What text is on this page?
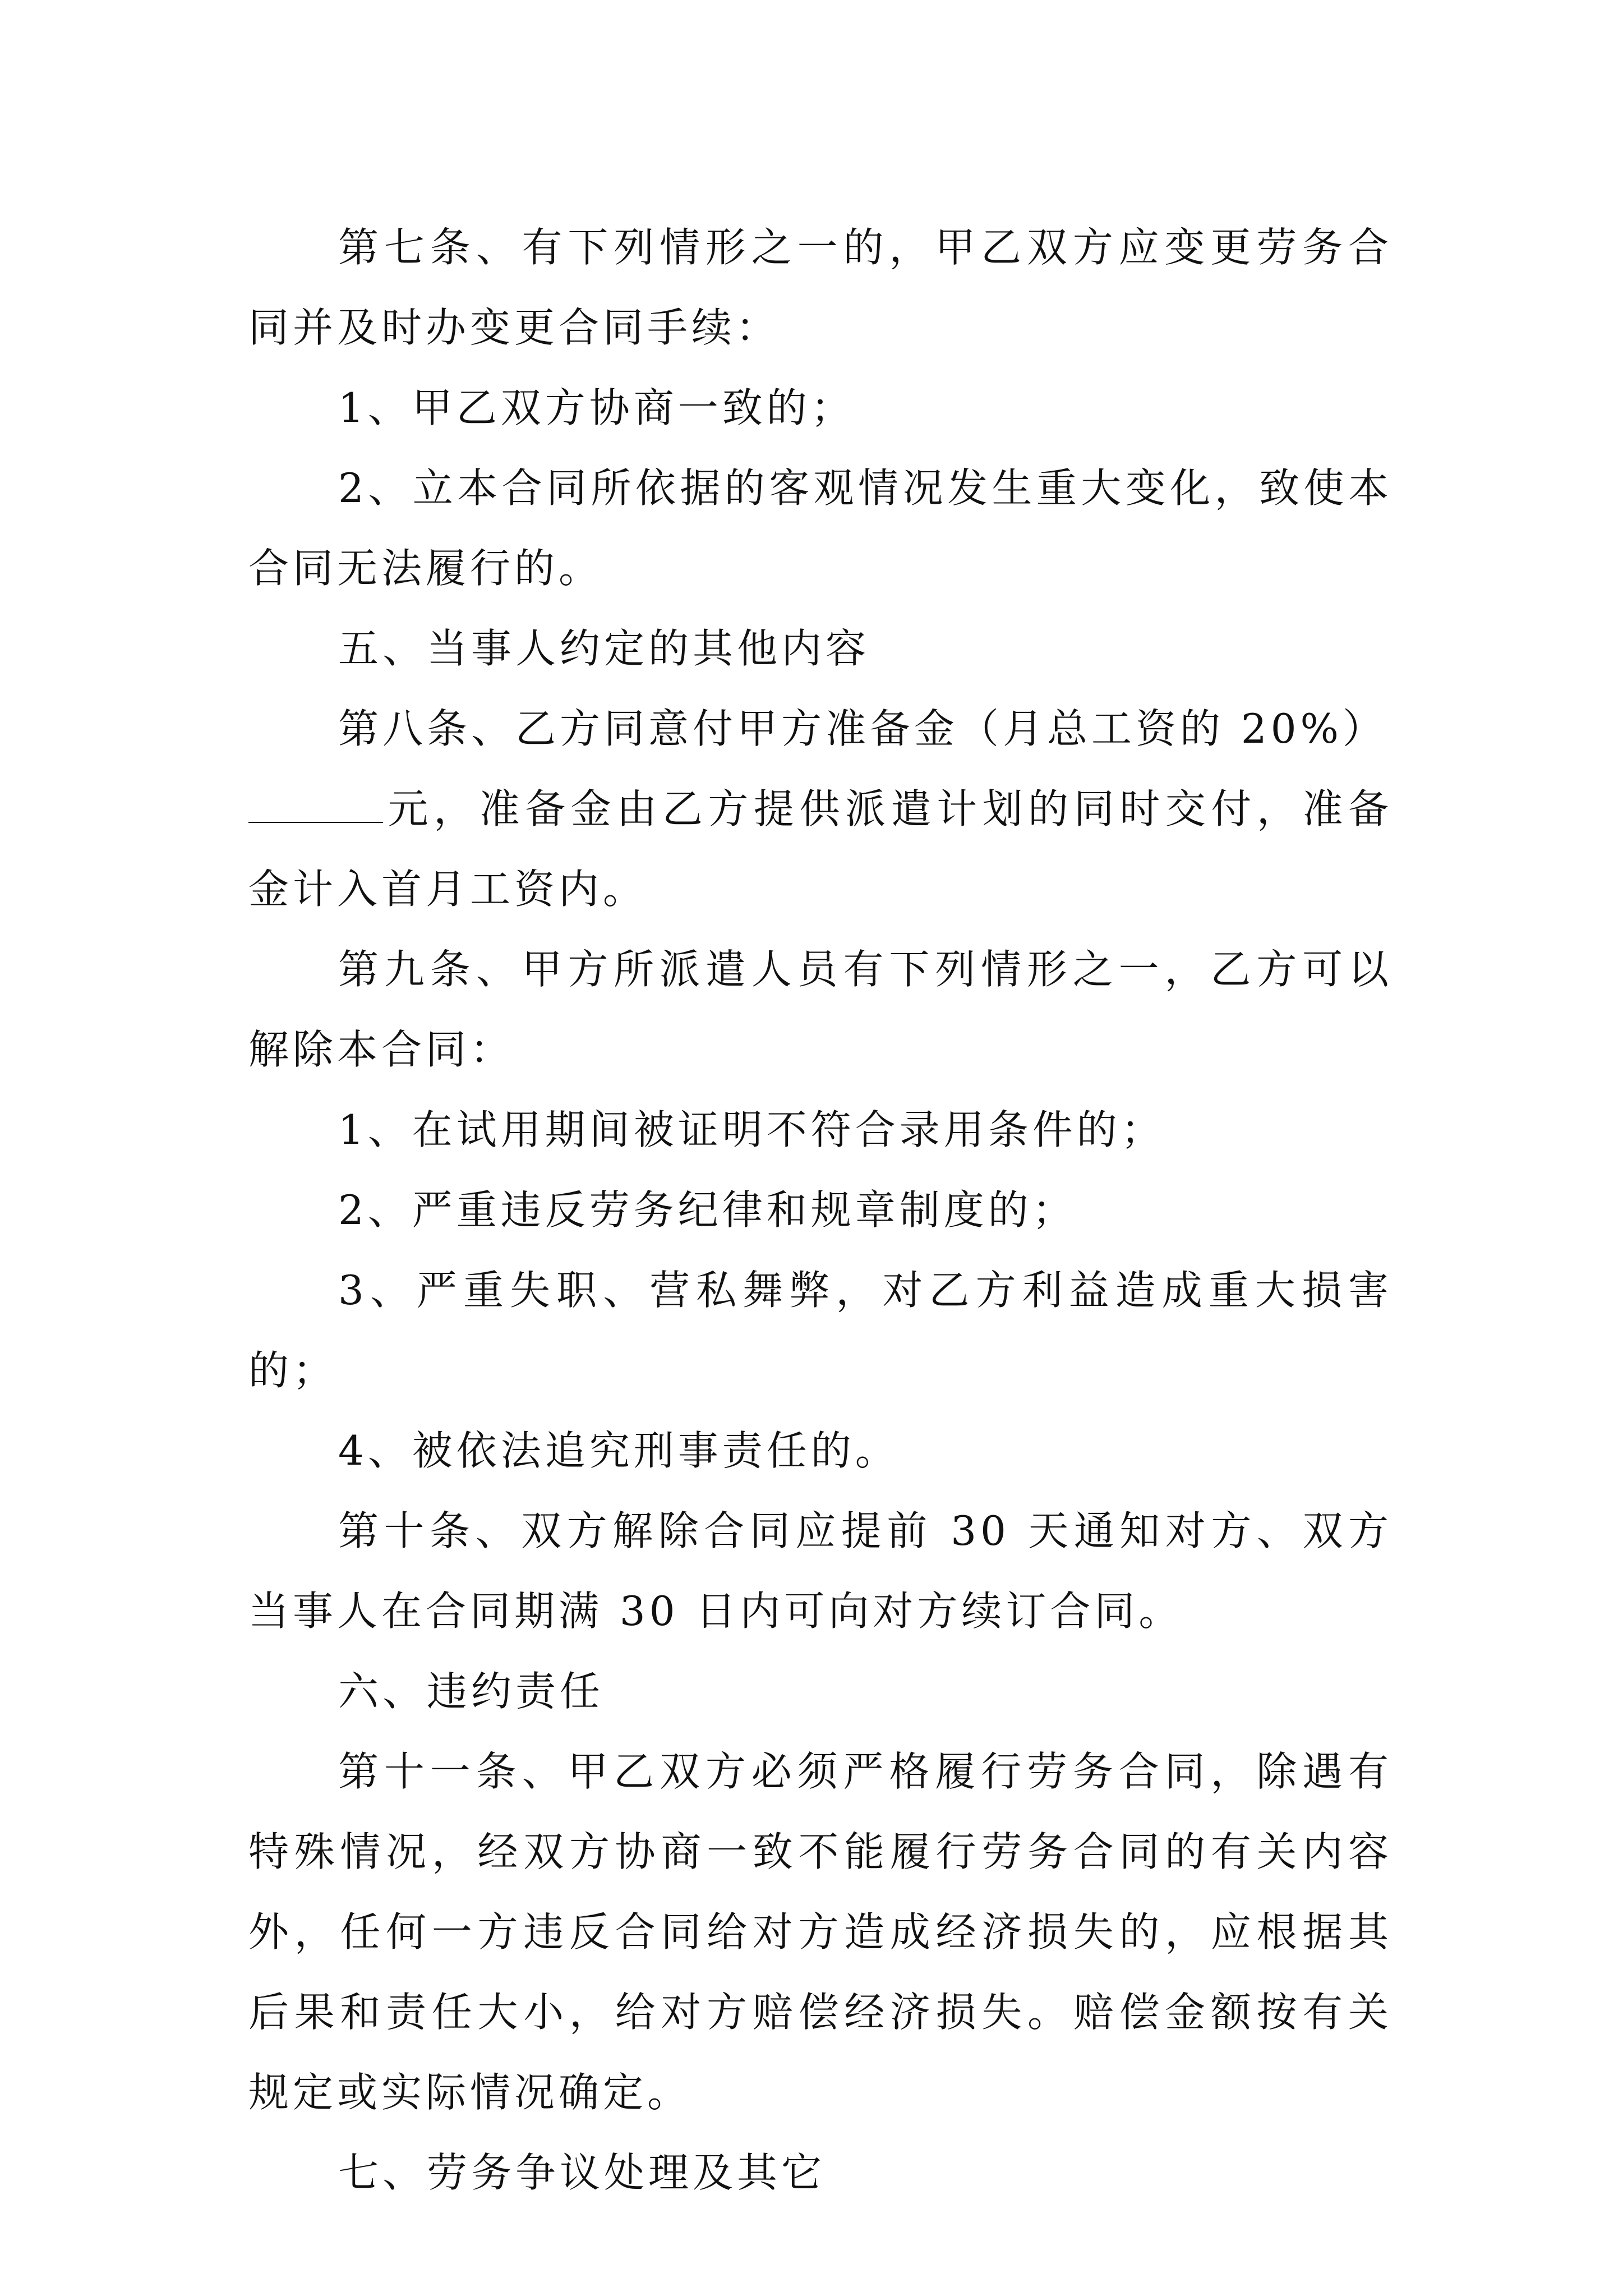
第七条、有下列情形之一的，甲乙双方应变更劳务合同并及时办变更合同手续：

1、甲乙双方协商一致的；

2、立本合同所依据的客观情况发生重大变化，致使本合同无法履行的。

五、当事人约定的其他内容

第八条、乙方同意付甲方准备金（月总工资的 20%）

元，准备金由乙方提供派遣计划的同时交付，准备金计入首月工资内。

第九条、甲方所派遣人员有下列情形之一，乙方可以解除本合同：

1、在试用期间被证明不符合录用条件的；

2、严重违反劳务纪律和规章制度的；

3、严重失职、营私舞弊，对乙方利益造成重大损害的；

4、被依法追究刑事责任的。

第十条、双方解除合同应提前 30 天通知对方、双方当事人在合同期满 30 日内可向对方续订合同。

六、违约责任

第十一条、甲乙双方必须严格履行劳务合同，除遇有特殊情况，经双方协商一致不能履行劳务合同的有关内容外，任何一方违反合同给对方造成经济损失的，应根据其后果和责任大小，给对方赔偿经济损失。赔偿金额按有关规定或实际情况确定。

七、劳务争议处理及其它
